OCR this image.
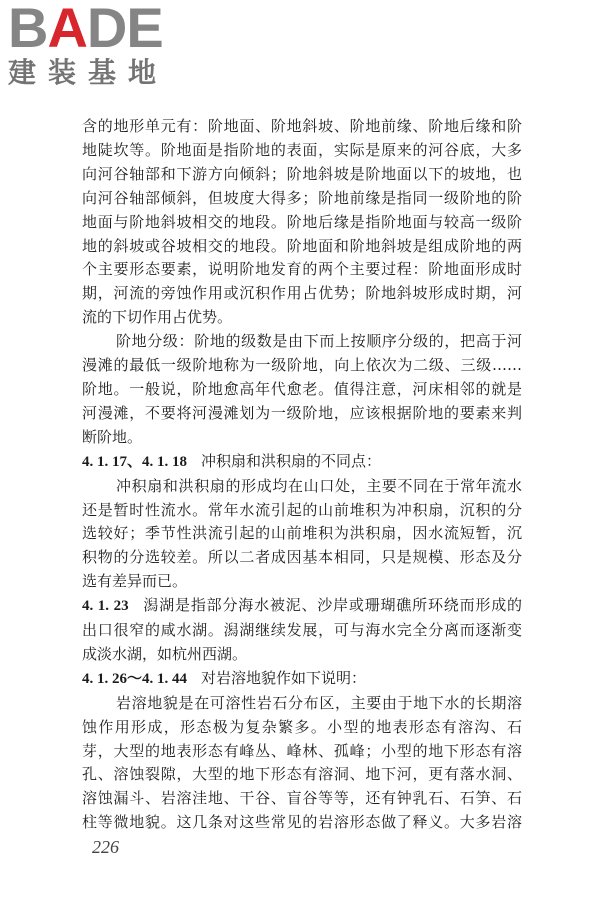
BADE
建装基地
含的地形单元有：阶地面、阶地斜坡、阶地前缘、阶地后缘和阶
地陡坎等。阶地面是指阶地的表面，实际是原来的河谷底，大多
向河谷轴部和下游方向倾斜；阶地斜坡是阶地面以下的坡地，也
向河谷轴部倾斜，但坡度大得多；阶地前缘是指同一级阶地的阶
地面与阶地斜坡相交的地段。阶地后缘是指阶地面与较高一级阶
地的斜坡或谷坡相交的地段。阶地面和阶地斜坡是组成阶地的两
个主要形态要素，说明阶地发育的两个主要过程：阶地面形成时
期，河流的旁蚀作用或沉积作用占优势；阶地斜坡形成时期，河
流的下切作用占优势。
阶地分级：阶地的级数是由下而上按顺序分级的，把高于河
漫滩的最低一级阶地称为一级阶地，向上依次为二级、三级……
阶地。一般说，阶地愈高年代愈老。值得注意，河床相邻的就是
河漫滩，不要将河漫滩划为一级阶地，应该根据阶地的要素来判
断阶地。
4. 1. 17、4. 1. 18 冲积扇和洪积扇的不同点：
冲积扇和洪积扇的形成均在山口处，主要不同在于常年流水
还是暂时性流水。常年水流引起的山前堆积为冲积扇，沉积的分
选较好；季节性洪流引起的山前堆积为洪积扇，因水流短暂，沉
积物的分选较差。所以二者成因基本相同，只是规模、形态及分
选有差异而已。
4. 1. 23 潟湖是指部分海水被泥、沙岸或珊瑚礁所环绕而形成的
出口很窄的咸水湖。潟湖继续发展，可与海水完全分离而逐渐变
成淡水湖，如杭州西湖。
4. 1. 26～4. 1. 44 对岩溶地貌作如下说明：
岩溶地貌是在可溶性岩石分布区，主要由于地下水的长期溶
蚀作用形成，形态极为复杂繁多。小型的地表形态有溶沟、石
芽，大型的地表形态有峰丛、峰林、孤峰；小型的地下形态有溶
孔、溶蚀裂隙，大型的地下形态有溶洞、地下河，更有落水洞、
溶蚀漏斗、岩溶洼地、干谷、盲谷等等，还有钟乳石、石笋、石
柱等微地貌。这几条对这些常见的岩溶形态做了释义。大多岩溶
226
